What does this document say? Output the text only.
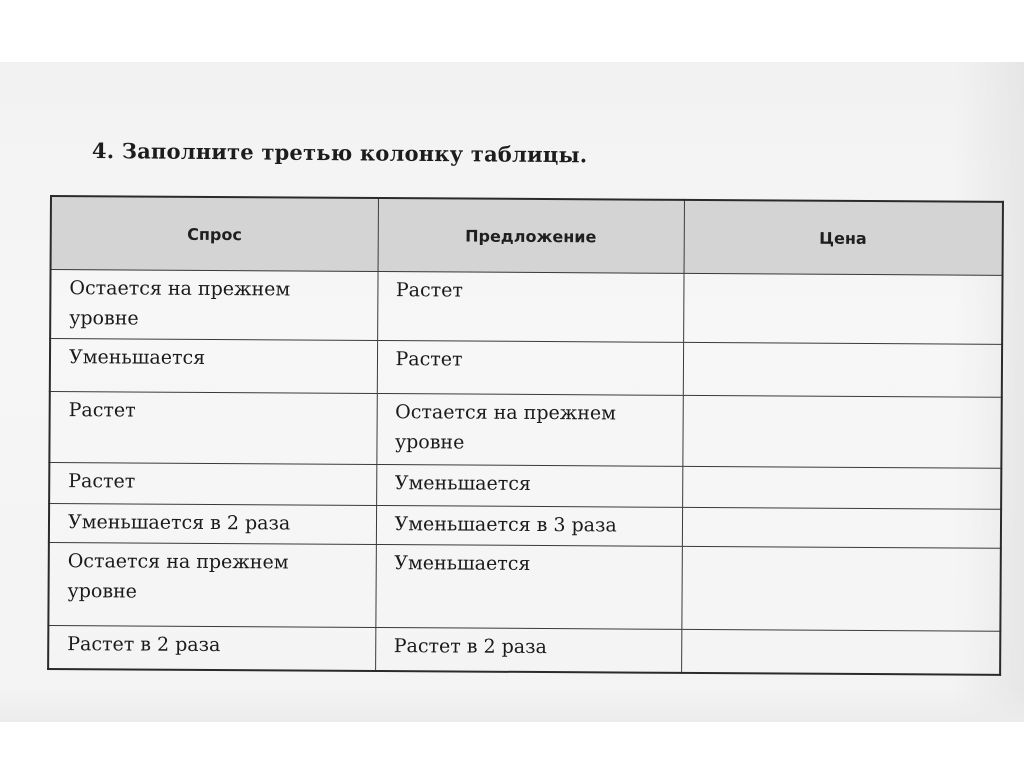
4. Заполните третью колонку таблицы.
Спрос	Предложение	Цена
Остается на прежнем уровне	Растет	
Уменьшается	Растет	
Растет	Остается на прежнем уровне	
Растет	Уменьшается	
Уменьшается в 2 раза	Уменьшается в 3 раза	
Остается на прежнем уровне	Уменьшается	
Растет в 2 раза	Растет в 2 раза	
